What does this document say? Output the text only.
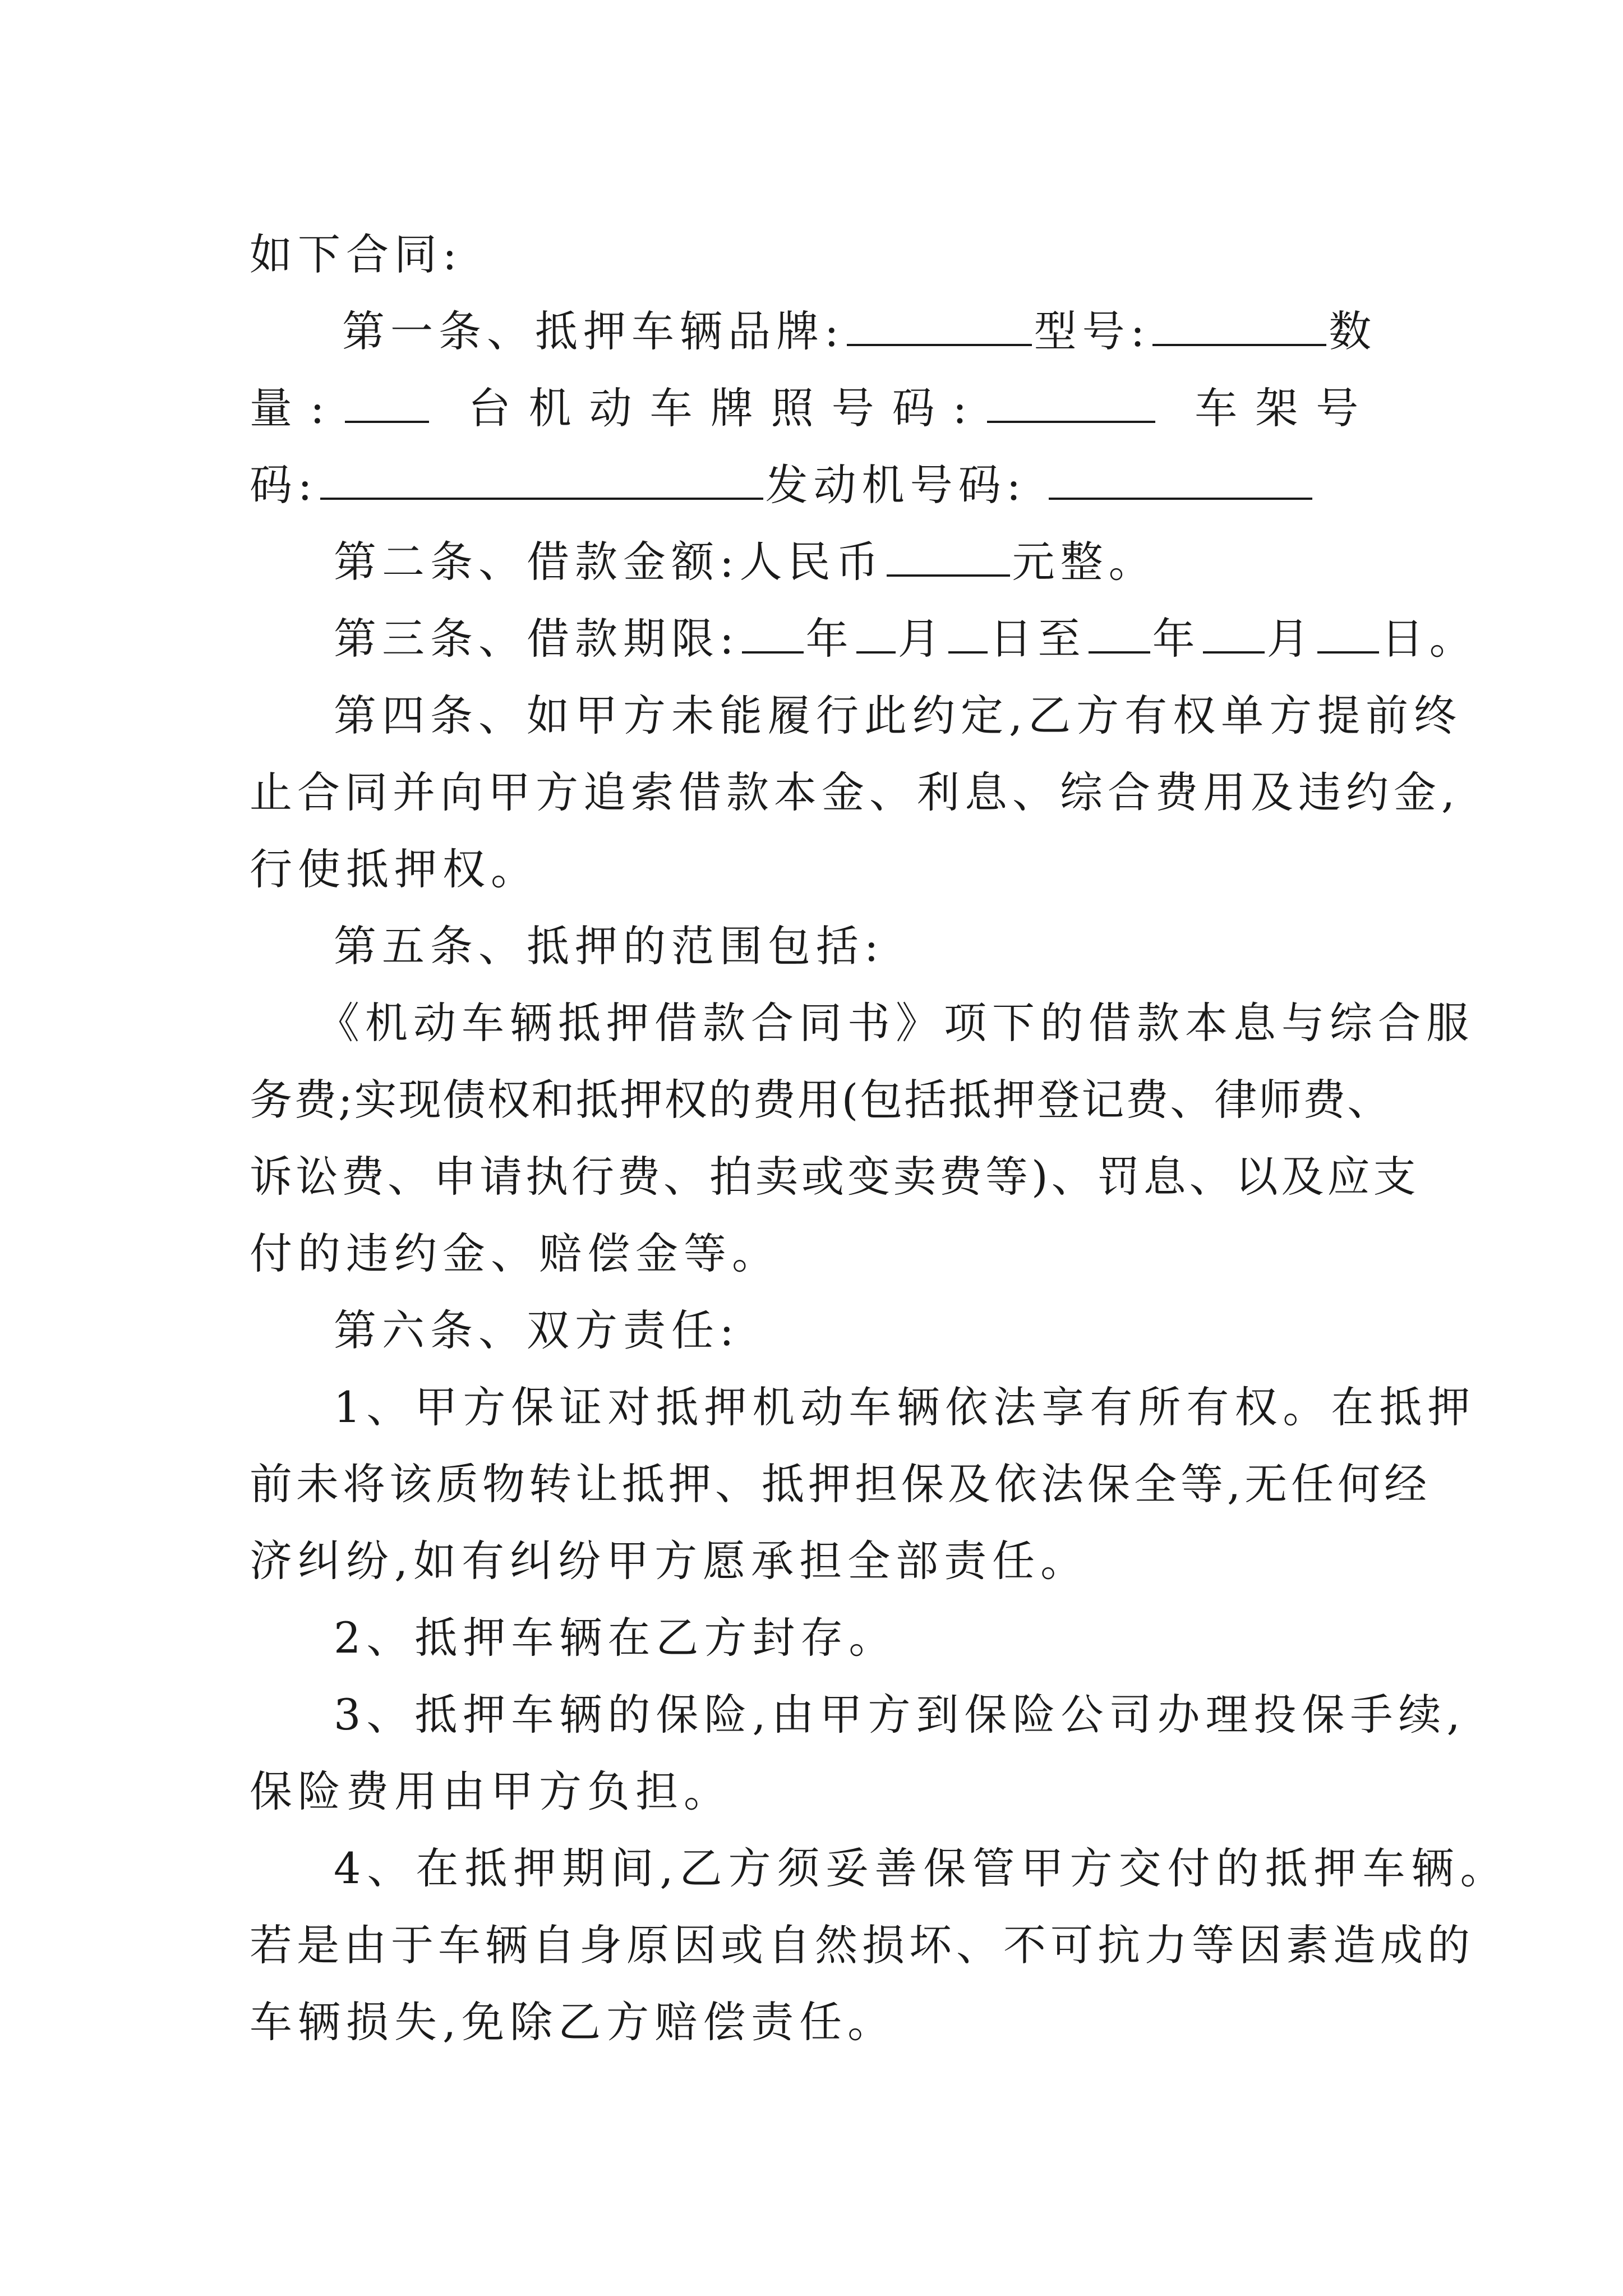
如下合同:
第一条、抵押车辆品牌:	型号:	数
量:	台机动车牌照号码:	车架号
码:	发动机号码:
第二条、借款金额:人民币	元整。
第三条、借款期限: 年 月 日至 年 月 日。
第四条、如甲方未能履行此约定,乙方有权单方提前终
止合同并向甲方追索借款本金、利息、综合费用及违约金,
行使抵押权。
第五条、抵押的范围包括:
《机动车辆抵押借款合同书》项下的借款本息与综合服
务费;实现债权和抵押权的费用(包括抵押登记费、律师费、
诉讼费、申请执行费、拍卖或变卖费等)、罚息、以及应支
付的违约金、赔偿金等。
第六条、双方责任:
1、甲方保证对抵押机动车辆依法享有所有权。在抵押
前未将该质物转让抵押、抵押担保及依法保全等,无任何经
济纠纷,如有纠纷甲方愿承担全部责任。
2、抵押车辆在乙方封存。
3、抵押车辆的保险,由甲方到保险公司办理投保手续,
保险费用由甲方负担。
4、在抵押期间,乙方须妥善保管甲方交付的抵押车辆。
若是由于车辆自身原因或自然损坏、不可抗力等因素造成的
车辆损失,免除乙方赔偿责任。
